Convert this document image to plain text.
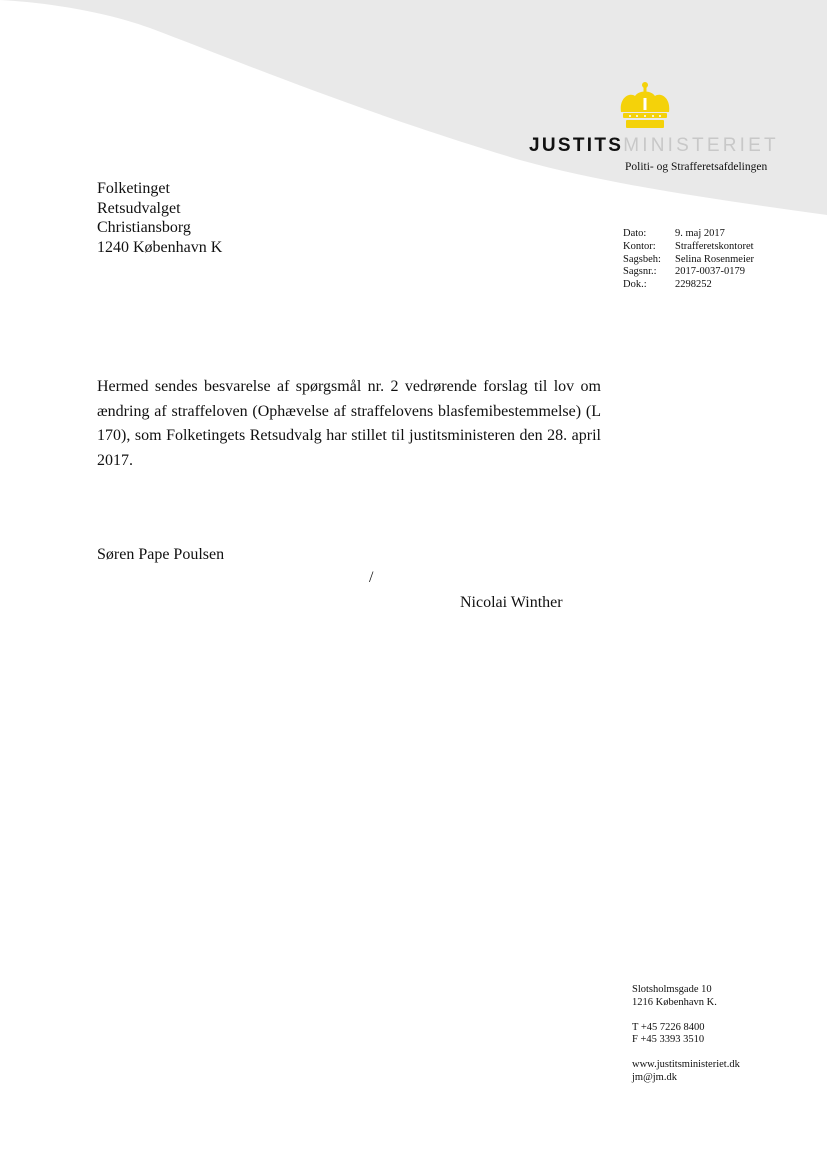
JUSTITSMINISTERIET
Politi- og Strafferetsafdelingen
Folketinget
Retsudvalget
Christiansborg
1240 København K
Dato:	9. maj 2017
Kontor:	Strafferetskontoret
Sagsbeh:	Selina Rosenmeier
Sagsnr.:	2017-0037-0179
Dok.:	2298252

Hermed sendes besvarelse af spørgsmål nr. 2 vedrørende forslag til lov om ændring af straffeloven (Ophævelse af straffelovens blasfemibestemmelse) (L 170), som Folketingets Retsudvalg har stillet til justitsministeren den 28. april 2017.

Søren Pape Poulsen
/
Nicolai Winther
Slotsholmsgade 10
1216 København K.
T +45 7226 8400
F +45 3393 3510
www.justitsministeriet.dk
jm@jm.dk
